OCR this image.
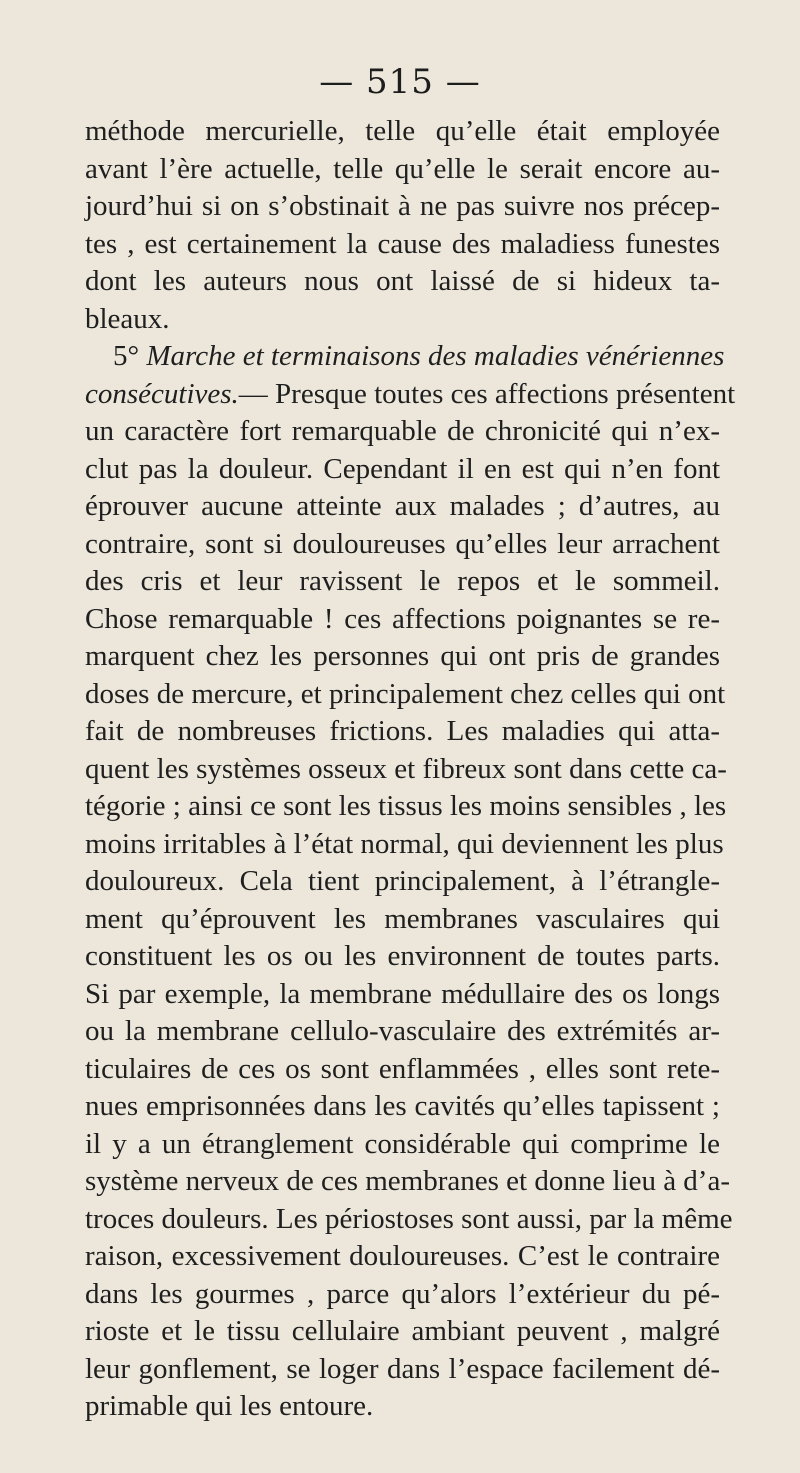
— 515 —
méthode mercurielle, telle qu’elle était employée
avant l’ère actuelle, telle qu’elle le serait encore au-
jourd’hui si on s’obstinait à ne pas suivre nos précep-
tes , est certainement la cause des maladiess funestes
dont les auteurs nous ont laissé de si hideux ta-
bleaux.
5° Marche et terminaisons des maladies vénériennes
consécutives.— Presque toutes ces affections présentent
un caractère fort remarquable de chronicité qui n’ex-
clut pas la douleur. Cependant il en est qui n’en font
éprouver aucune atteinte aux malades ; d’autres, au
contraire, sont si douloureuses qu’elles leur arrachent
des cris et leur ravissent le repos et le sommeil.
Chose remarquable ! ces affections poignantes se re-
marquent chez les personnes qui ont pris de grandes
doses de mercure, et principalement chez celles qui ont
fait de nombreuses frictions. Les maladies qui atta-
quent les systèmes osseux et fibreux sont dans cette ca-
tégorie ; ainsi ce sont les tissus les moins sensibles , les
moins irritables à l’état normal, qui deviennent les plus
douloureux. Cela tient principalement, à l’étrangle-
ment qu’éprouvent les membranes vasculaires qui
constituent les os ou les environnent de toutes parts.
Si par exemple, la membrane médullaire des os longs
ou la membrane cellulo-vasculaire des extrémités ar-
ticulaires de ces os sont enflammées , elles sont rete-
nues emprisonnées dans les cavités qu’elles tapissent ;
il y a un étranglement considérable qui comprime le
système nerveux de ces membranes et donne lieu à d’a-
troces douleurs. Les périostoses sont aussi, par la même
raison, excessivement douloureuses. C’est le contraire
dans les gourmes , parce qu’alors l’extérieur du pé-
rioste et le tissu cellulaire ambiant peuvent , malgré
leur gonflement, se loger dans l’espace facilement dé-
primable qui les entoure.
